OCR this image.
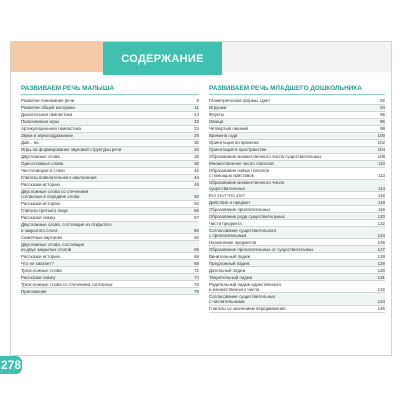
СОДЕРЖАНИЕ
РАЗВИВАЕМ РЕЧЬ МАЛЫША
Развитие понимания речи	6
Развитие общей моторики	11
Дыхательная гимнастика	14
Пальчиковые игры	19
Артикуляционная гимнастика	24
Звуки и звукоподражание	28
Дай... на	30
Игры на формирование звуковой структуры речи	34
Двусложные слова	35
Односложные слова	36
Чистоговорки и стихи	42
Глаголы повелительного наклонения	44
Рассказки историю	48
Двусложные слова со стечением
согласных в середине слова	50
Рассказки историю	52
Глаголы третьего лица	55
Рассказки сказку	57
Двусложные слова, состоящие из открытого
и закрытого слога	60
Сюжетные картинки	62
Двусложные слова, состоящие
из двух закрытых слогов	65
Рассказки историю	68
Что не хватает?	69
Трехсложные слова	72
Рассказки сказку	74
Трехсложные слова со стечением согласных	76
Приложение	79
РАЗВИВАЕМ РЕЧЬ МЛАДШЕГО ДОШКОЛЬНИКА
Геометрические формы. Цвет	92
Игрушки	94
Фрукты	95
Овощи	96
Четвертый лишний	98
Времена года	100
Ориентация во времени	102
Ориентация в пространстве	104
Образование множественного числа существительных	108
Множественное число глаголов	110
Образование новых глаголов
с помощью приставок	113
Образование множественного числа
существительных	114
Кто это? Что это?	116
Действие и предмет	118
Образование прилагательных	119
Образование рода существительных	120
Части предмета	122
Согласование существительного
с прилагательным	124
Назначение предметов	126
Образование прилагательных от существительных	127
Винительный падеж	128
Предложный падеж	129
Дательный падеж	130
Творительный падеж	131
Родительный падеж единственного
и множественного числа	132
Согласование существительных
с числительными	134
Глаголы со значением передвижения	136
278
